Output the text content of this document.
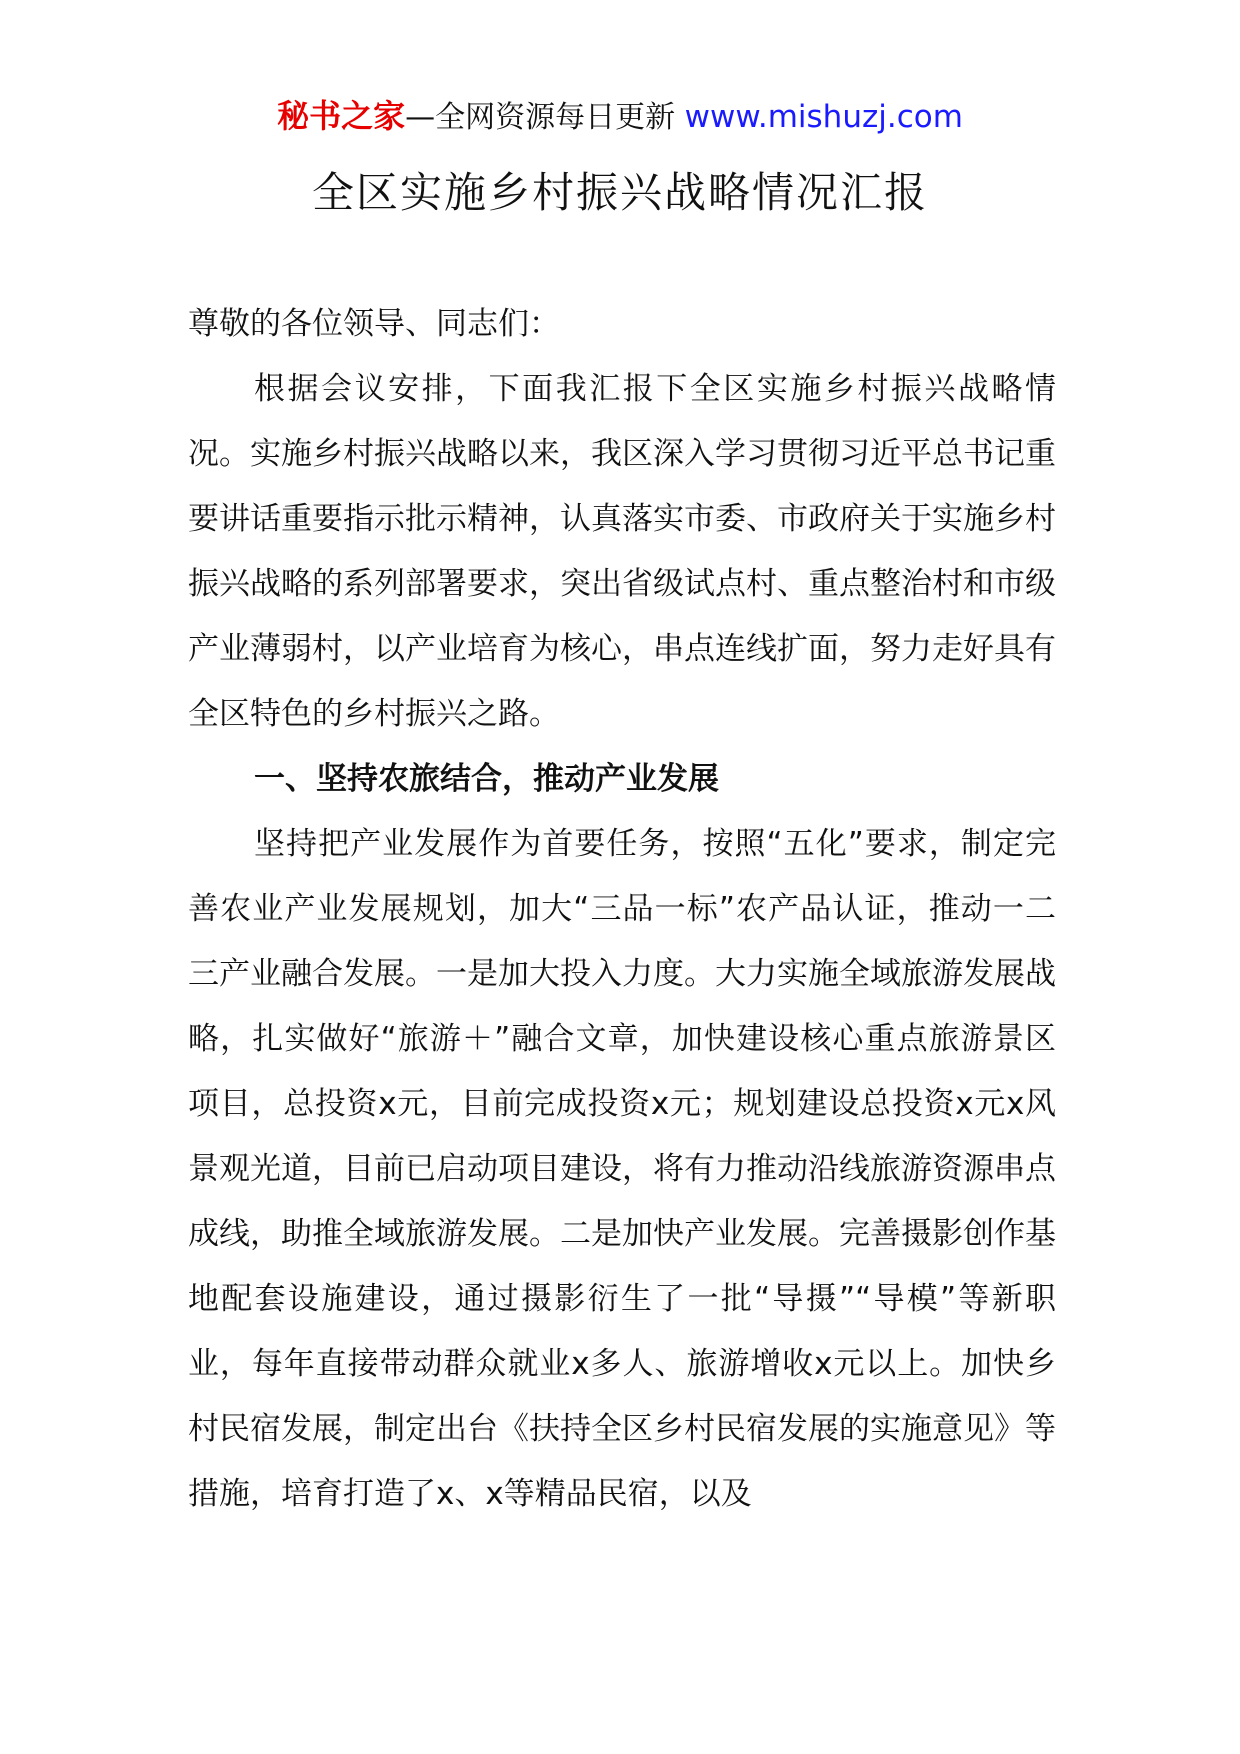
秘书之家—全网资源每日更新 www.mishuzj.com
全区实施乡村振兴战略情况汇报

尊敬的各位领导、同志们：

根据会议安排，下面我汇报下全区实施乡村振兴战略情况。实施乡村振兴战略以来，我区深入学习贯彻习近平总书记重要讲话重要指示批示精神，认真落实市委、市政府关于实施乡村振兴战略的系列部署要求，突出省级试点村、重点整治村和市级产业薄弱村，以产业培育为核心，串点连线扩面，努力走好具有全区特色的乡村振兴之路。

一、坚持农旅结合，推动产业发展

坚持把产业发展作为首要任务，按照“五化”要求，制定完善农业产业发展规划，加大“三品一标”农产品认证，推动一二三产业融合发展。一是加大投入力度。大力实施全域旅游发展战略，扎实做好“旅游＋”融合文章，加快建设核心重点旅游景区项目，总投资x元，目前完成投资x元；规划建设总投资x元x风景观光道，目前已启动项目建设，将有力推动沿线旅游资源串点成线，助推全域旅游发展。二是加快产业发展。完善摄影创作基地配套设施建设，通过摄影衍生了一批“导摄”“导模”等新职业，每年直接带动群众就业x多人、旅游增收x元以上。加快乡村民宿发展，制定出台《扶持全区乡村民宿发展的实施意见》等措施，培育打造了x、x等精品民宿，以及
